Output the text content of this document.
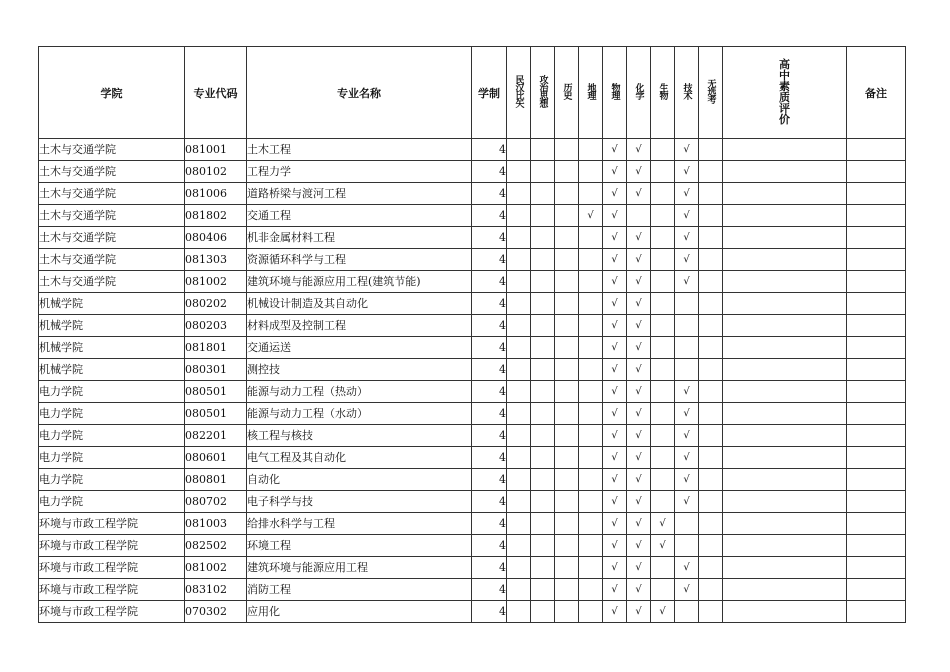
学院	专业代码	专业名称	学制	民汉比矢	攻治思想	历史	地理	物理	化学	生物	技术	无选考	高中素质评价	备注
土木与交通学院	081001	土木工程	4					√	√		√			
土木与交通学院	080102	工程力学	4					√	√		√			
土木与交通学院	081006	道路桥梁与渡河工程	4					√	√		√			
土木与交通学院	081802	交通工程	4				√	√			√			
土木与交通学院	080406	机非金属材料工程	4					√	√		√			
土木与交通学院	081303	资源循环科学与工程	4					√	√		√			
土木与交通学院	081002	建筑环境与能源应用工程(建筑节能)	4					√	√		√			
机械学院	080202	机械设计制造及其自动化	4					√	√					
机械学院	080203	材料成型及控制工程	4					√	√					
机械学院	081801	交通运送	4					√	√					
机械学院	080301	测控技	4					√	√					
电力学院	080501	能源与动力工程（热动）	4					√	√		√			
电力学院	080501	能源与动力工程（水动）	4					√	√		√			
电力学院	082201	核工程与核技	4					√	√		√			
电力学院	080601	电气工程及其自动化	4					√	√		√			
电力学院	080801	自动化	4					√	√		√			
电力学院	080702	电子科学与技	4					√	√		√			
环境与市政工程学院	081003	给排水科学与工程	4					√	√	√				
环境与市政工程学院	082502	环境工程	4					√	√	√				
环境与市政工程学院	081002	建筑环境与能源应用工程	4					√	√		√			
环境与市政工程学院	083102	消防工程	4					√	√		√			
环境与市政工程学院	070302	应用化	4					√	√	√				
